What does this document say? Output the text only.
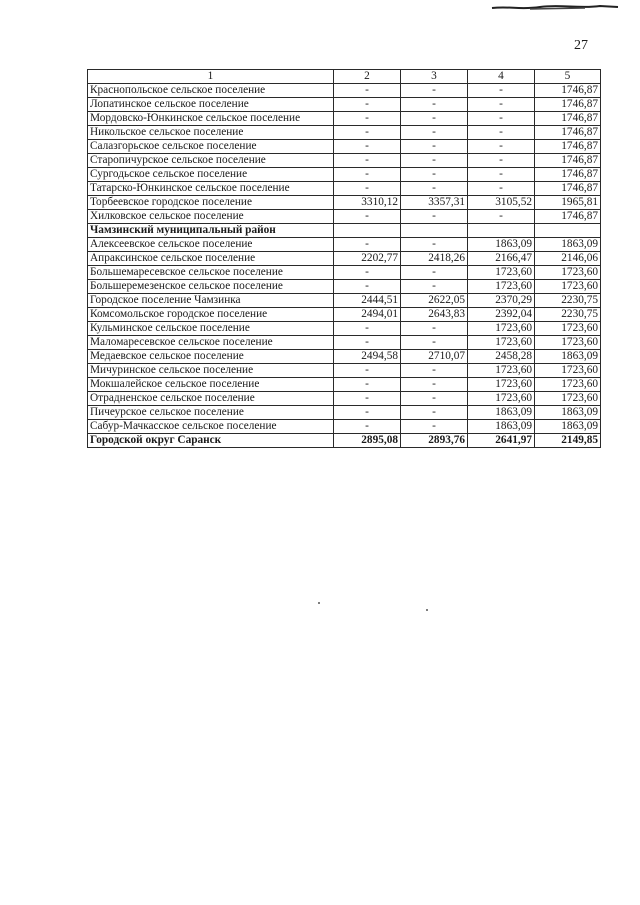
27
1	2	3	4	5
Краснопольское сельское поселение	-	-	-	1746,87
Лопатинское сельское поселение	-	-	-	1746,87
Мордовско-Юнкинское сельское поселение	-	-	-	1746,87
Никольское сельское поселение	-	-	-	1746,87
Салазгорьское сельское поселение	-	-	-	1746,87
Старопичурское сельское поселение	-	-	-	1746,87
Сургодьское сельское поселение	-	-	-	1746,87
Татарско-Юнкинское сельское поселение	-	-	-	1746,87
Торбеевское городское поселение	3310,12	3357,31	3105,52	1965,81
Хилковское сельское поселение	-	-	-	1746,87
Чамзинский муниципальный район				
Алексеевское сельское поселение	-	-	1863,09	1863,09
Апраксинское сельское поселение	2202,77	2418,26	2166,47	2146,06
Большемаресевское сельское поселение	-	-	1723,60	1723,60
Большеремезенское сельское поселение	-	-	1723,60	1723,60
Городское поселение Чамзинка	2444,51	2622,05	2370,29	2230,75
Комсомольское городское поселение	2494,01	2643,83	2392,04	2230,75
Кульминское сельское поселение	-	-	1723,60	1723,60
Маломаресевское сельское поселение	-	-	1723,60	1723,60
Медаевское сельское поселение	2494,58	2710,07	2458,28	1863,09
Мичуринское сельское поселение	-	-	1723,60	1723,60
Мокшалейское сельское поселение	-	-	1723,60	1723,60
Отрадненское сельское поселение	-	-	1723,60	1723,60
Пичеурское сельское поселение	-	-	1863,09	1863,09
Сабур-Мачкасское сельское поселение	-	-	1863,09	1863,09
Городской округ Саранск	2895,08	2893,76	2641,97	2149,85
